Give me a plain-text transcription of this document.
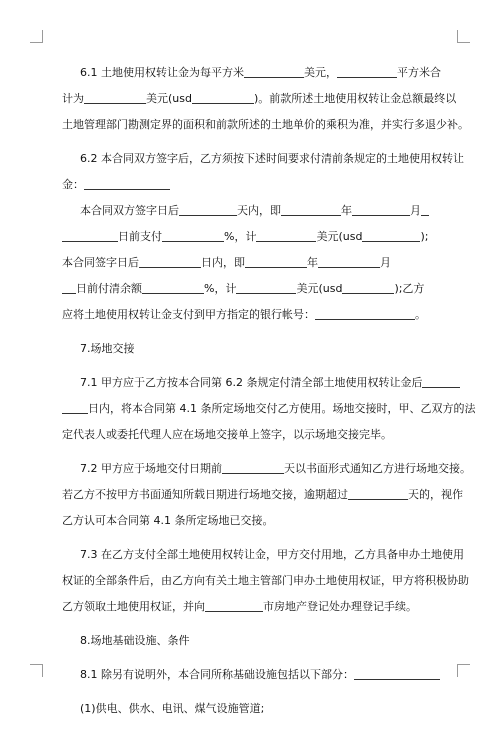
6.1 土地使用权转让金为每平方米	美元，	平方米合
计为	美元(usd	)。前款所述土地使用权转让金总额最终以
土地管理部门勘测定界的面积和前款所述的土地单价的乘积为准，并实行多退少补。
6.2 本合同双方签字后，乙方须按下述时间要求付清前条规定的土地使用权转让
金：
本合同双方签字日后	天内，即	年	月
日前支付	%，计	美元(usd	);
本合同签字日后	日内，即	年	月
日前付清余额	%，计	美元(usd	);乙方
应将土地使用权转让金支付到甲方指定的银行帐号：	。
7.场地交接
7.1 甲方应于乙方按本合同第 6.2 条规定付清全部土地使用权转让金后
日内，将本合同第 4.1 条所定场地交付乙方使用。场地交接时，甲、乙双方的法
定代表人或委托代理人应在场地交接单上签字，以示场地交接完毕。
7.2 甲方应于场地交付日期前	天以书面形式通知乙方进行场地交接。
若乙方不按甲方书面通知所载日期进行场地交接，逾期超过	天的，视作
乙方认可本合同第 4.1 条所定场地已交接。
7.3 在乙方支付全部土地使用权转让金，甲方交付用地，乙方具备申办土地使用
权证的全部条件后，由乙方向有关土地主管部门申办土地使用权证，甲方将积极协助
乙方领取土地使用权证，并向	市房地产登记处办理登记手续。
8.场地基础设施、条件
8.1 除另有说明外，本合同所称基础设施包括以下部分：
(1)供电、供水、电讯、煤气设施管道;
